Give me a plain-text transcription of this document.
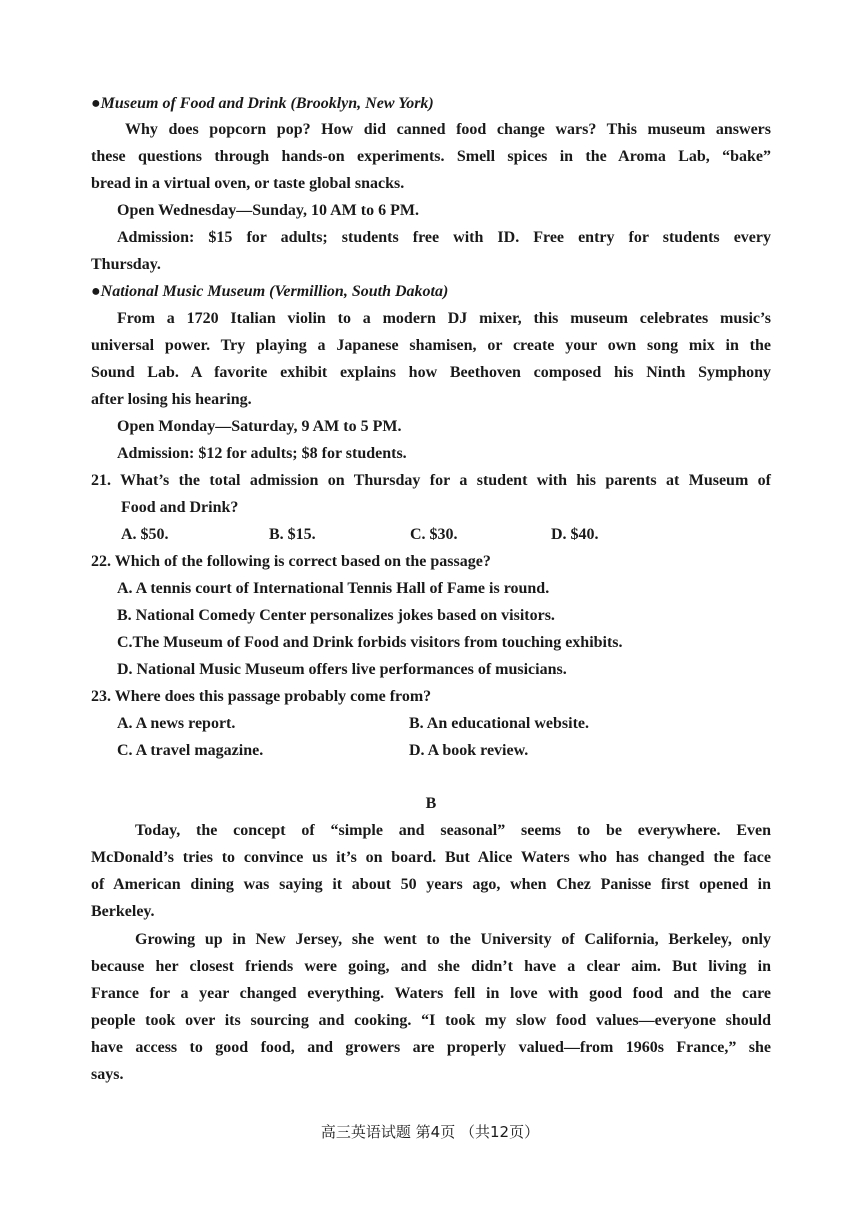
●Museum of Food and Drink (Brooklyn, New York)
Why does popcorn pop? How did canned food change wars? This museum answers
these questions through hands-on experiments. Smell spices in the Aroma Lab, “bake”
bread in a virtual oven, or taste global snacks.
Open Wednesday—Sunday, 10 AM to 6 PM.
Admission: $15 for adults; students free with ID. Free entry for students every
Thursday.
●National Music Museum (Vermillion, South Dakota)
From a 1720 Italian violin to a modern DJ mixer, this museum celebrates music’s
universal power. Try playing a Japanese shamisen, or create your own song mix in the
Sound Lab. A favorite exhibit explains how Beethoven composed his Ninth Symphony
after losing his hearing.
Open Monday—Saturday, 9 AM to 5 PM.
Admission: $12 for adults; $8 for students.
21. What’s the total admission on Thursday for a student with his parents at Museum of
Food and Drink?
A. $50.	B. $15.	C. $30.	D. $40.
22. Which of the following is correct based on the passage?
A. A tennis court of International Tennis Hall of Fame is round.
B. National Comedy Center personalizes jokes based on visitors.
C.The Museum of Food and Drink forbids visitors from touching exhibits.
D. National Music Museum offers live performances of musicians.
23. Where does this passage probably come from?
A. A news report.	B. An educational website.
C. A travel magazine.	D. A book review.
B
Today, the concept of “simple and seasonal” seems to be everywhere. Even
McDonald’s tries to convince us it’s on board. But Alice Waters who has changed the face
of American dining was saying it about 50 years ago, when Chez Panisse first opened in
Berkeley.
Growing up in New Jersey, she went to the University of California, Berkeley, only
because her closest friends were going, and she didn’t have a clear aim. But living in
France for a year changed everything. Waters fell in love with good food and the care
people took over its sourcing and cooking. “I took my slow food values—everyone should
have access to good food, and growers are properly valued—from 1960s France,” she
says.
高三英语试题 第4页 （共12页）
